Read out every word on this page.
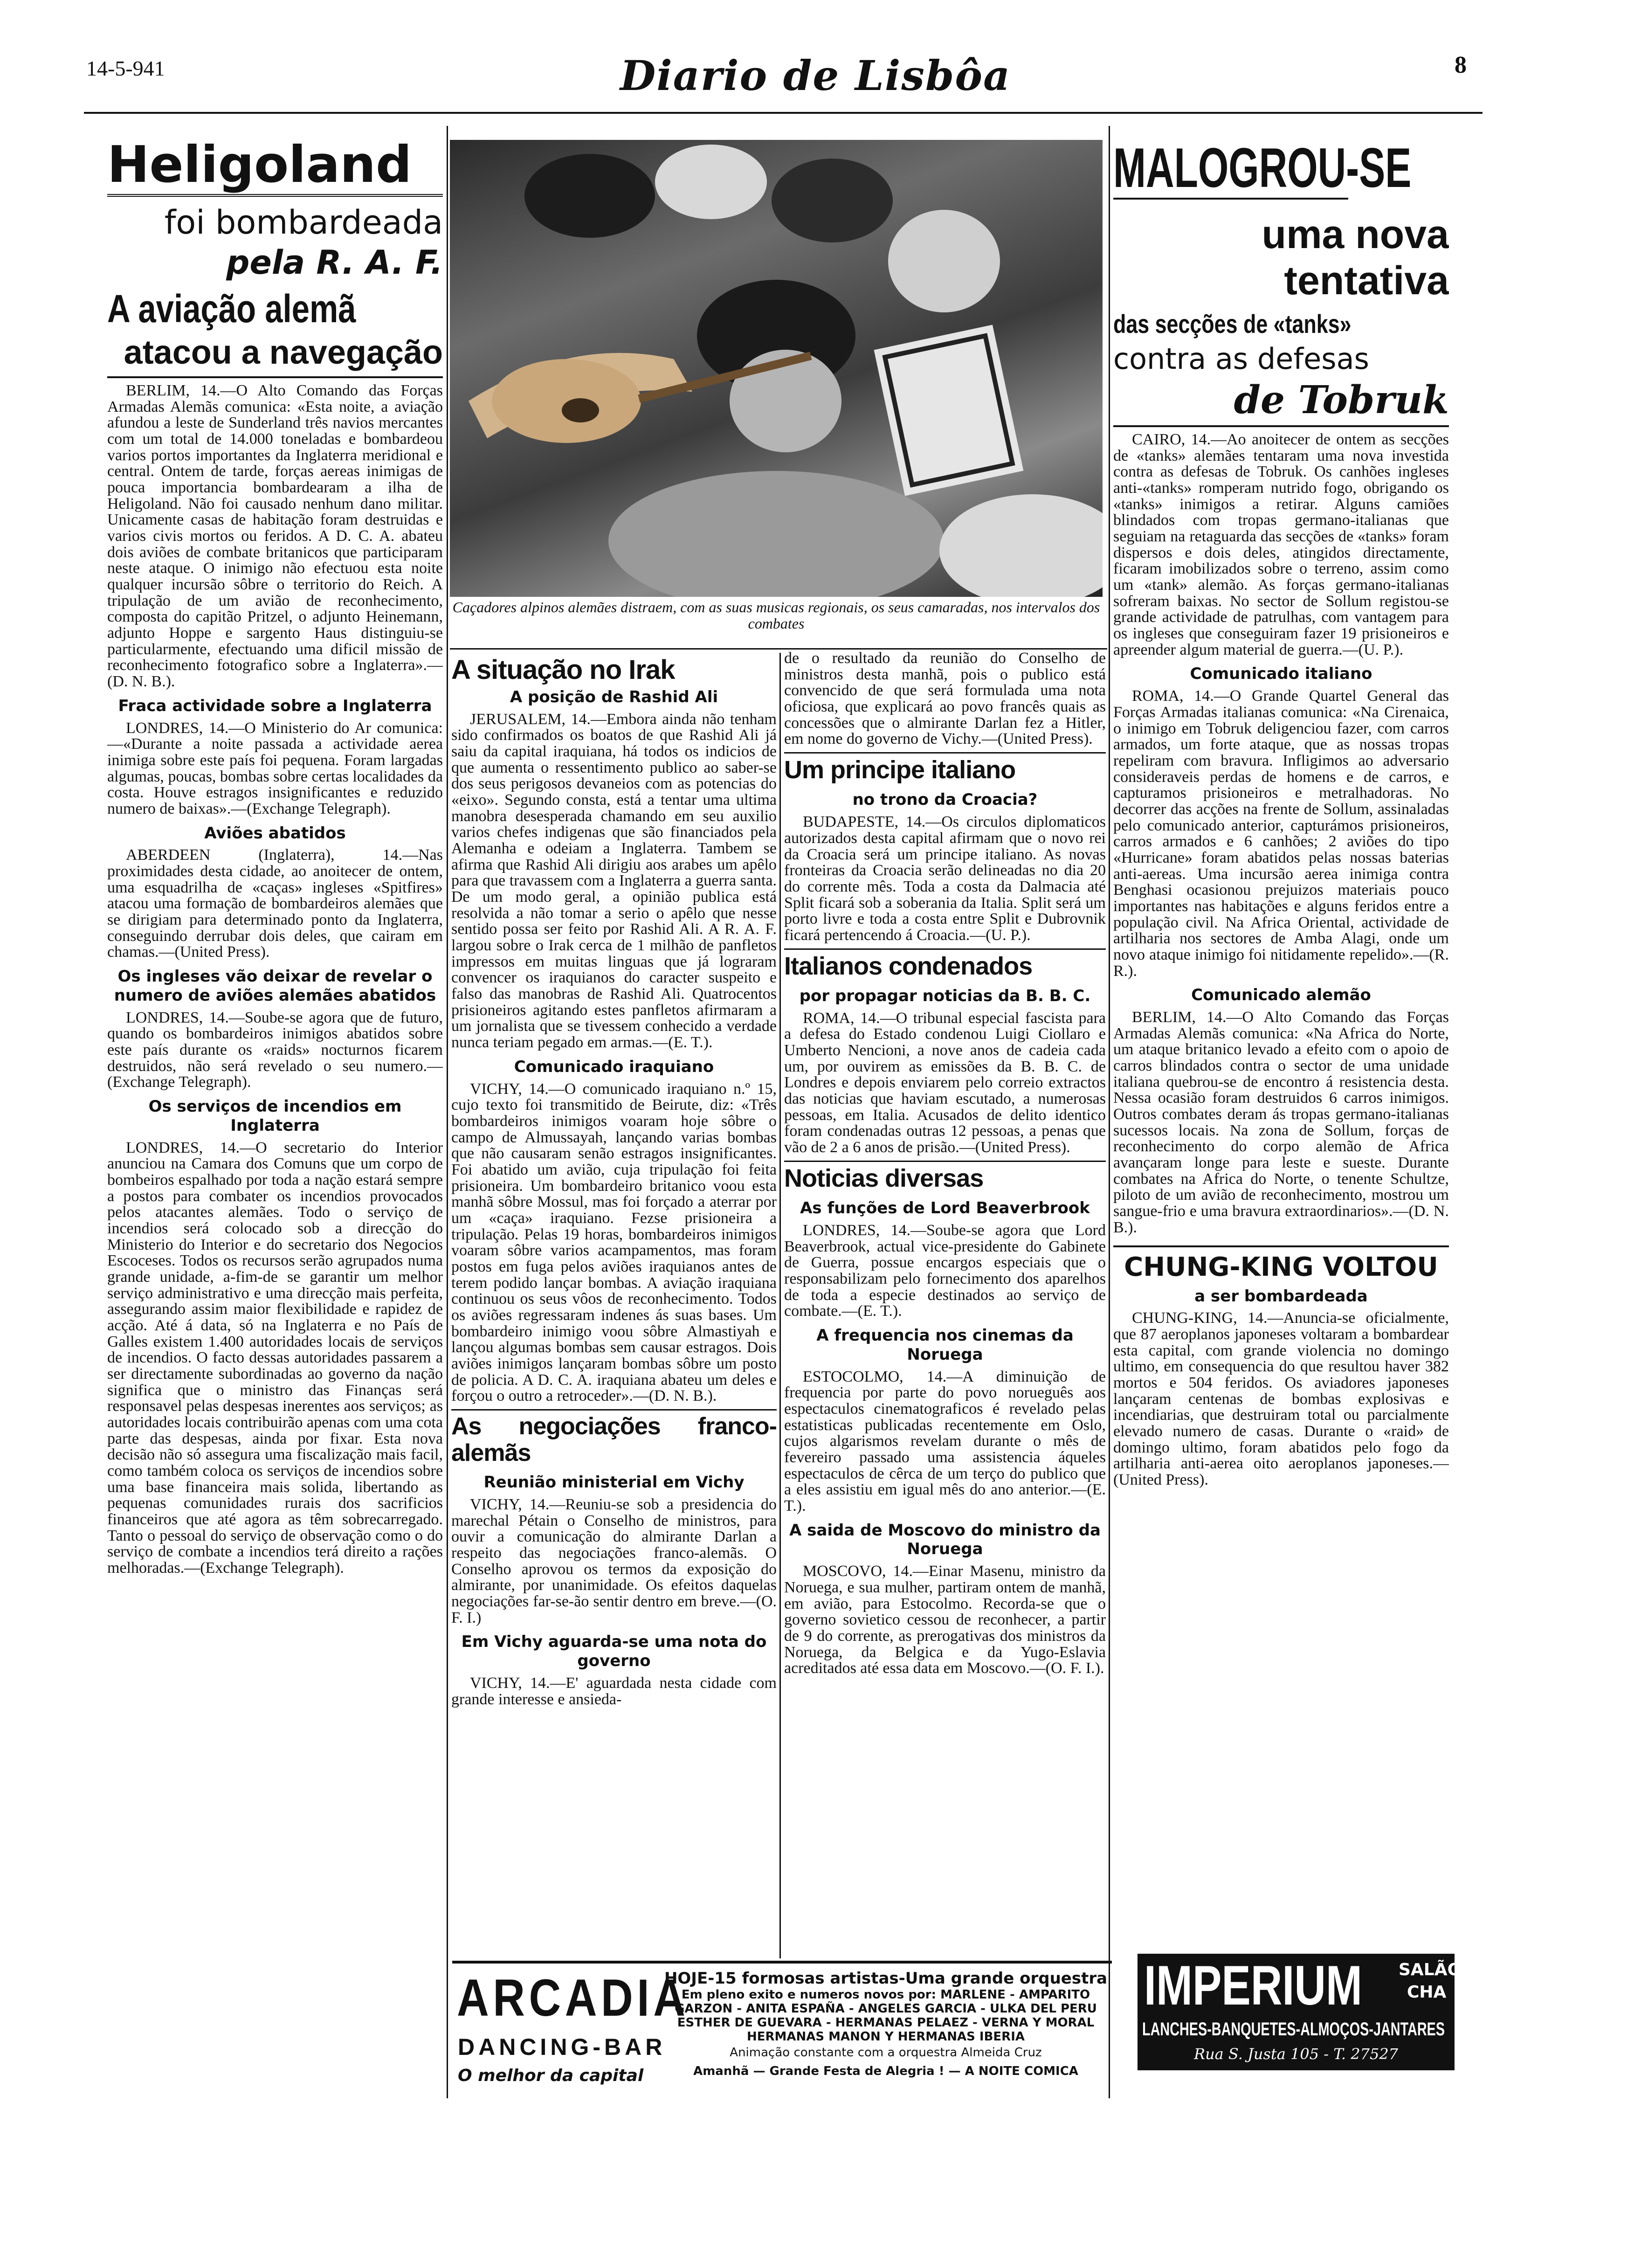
14-5-941	Diario de Lisbôa	8
Heligoland
foi bombardeada
pela R. A. F.
A aviação alemã
atacou a navegação

BERLIM, 14.—O Alto Comando das Forças Armadas Alemãs comunica: «Esta noite, a aviação afundou a leste de Sunderland três navios mercantes com um total de 14.000 toneladas e bombardeou varios portos importantes da Inglaterra meridional e central. Ontem de tarde, forças aereas inimigas de pouca importancia bombardearam a ilha de Heligoland. Não foi causado nenhum dano militar. Unicamente casas de habitação foram destruidas e varios civis mortos ou feridos. A D. C. A. abateu dois aviões de combate britanicos que participaram neste ataque. O inimigo não efectuou esta noite qualquer incursão sôbre o territorio do Reich. A tripulação de um avião de reconhecimento, composta do capitão Pritzel, o adjunto Heinemann, adjunto Hoppe e sargento Haus distinguiu-se particularmente, efectuando uma dificil missão de reconhecimento fotografico sobre a Inglaterra».—(D. N. B.).

Fraca actividade sobre a Inglaterra

LONDRES, 14.—O Ministerio do Ar comunica:—«Durante a noite passada a actividade aerea inimiga sobre este país foi pequena. Foram largadas algumas, poucas, bombas sobre certas localidades da costa. Houve estragos insignificantes e reduzido numero de baixas».—(Exchange Telegraph).

Aviões abatidos

ABERDEEN (Inglaterra), 14.—Nas proximidades desta cidade, ao anoitecer de ontem, uma esquadrilha de «caças» ingleses «Spitfires» atacou uma formação de bombardeiros alemães que se dirigiam para determinado ponto da Inglaterra, conseguindo derrubar dois deles, que cairam em chamas.—(United Press).

Os ingleses vão deixar de revelar o numero de aviões alemães abatidos

LONDRES, 14.—Soube-se agora que de futuro, quando os bombardeiros inimigos abatidos sobre este país durante os «raids» nocturnos ficarem destruidos, não será revelado o seu numero.—(Exchange Telegraph).

Os serviços de incendios em Inglaterra

LONDRES, 14.—O secretario do Interior anunciou na Camara dos Comuns que um corpo de bombeiros espalhado por toda a nação estará sempre a postos para combater os incendios provocados pelos atacantes alemães. Todo o serviço de incendios será colocado sob a direcção do Ministerio do Interior e do secretario dos Negocios Escoceses. Todos os recursos serão agrupados numa grande unidade, a-fim-de se garantir um melhor serviço administrativo e uma direcção mais perfeita, assegurando assim maior flexibilidade e rapidez de acção. Até á data, só na Inglaterra e no País de Galles existem 1.400 autoridades locais de serviços de incendios. O facto dessas autoridades passarem a ser directamente subordinadas ao governo da nação significa que o ministro das Finanças será responsavel pelas despesas inerentes aos serviços; as autoridades locais contribuirão apenas com uma cota parte das despesas, ainda por fixar. Esta nova decisão não só assegura uma fiscalização mais facil, como também coloca os serviços de incendios sobre uma base financeira mais solida, libertando as pequenas comunidades rurais dos sacrificios financeiros que até agora as têm sobrecarregado. Tanto o pessoal do serviço de observação como o do serviço de combate a incendios terá direito a rações melhoradas.—(Exchange Telegraph).

Caçadores alpinos alemães distraem, com as suas musicas regionais, os seus camaradas, nos intervalos dos combates
A situação no Irak
A posição de Rashid Ali

JERUSALEM, 14.—Embora ainda não tenham sido confirmados os boatos de que Rashid Ali já saiu da capital iraquiana, há todos os indicios de que aumenta o ressentimento publico ao saber-se dos seus perigosos devaneios com as potencias do «eixo». Segundo consta, está a tentar uma ultima manobra desesperada chamando em seu auxilio varios chefes indigenas que são financiados pela Alemanha e odeiam a Inglaterra. Tambem se afirma que Rashid Ali dirigiu aos arabes um apêlo para que travassem com a Inglaterra a guerra santa. De um modo geral, a opinião publica está resolvida a não tomar a serio o apêlo que nesse sentido possa ser feito por Rashid Ali. A R. A. F. largou sobre o Irak cerca de 1 milhão de panfletos impressos em muitas linguas que já lograram convencer os iraquianos do caracter suspeito e falso das manobras de Rashid Ali. Quatrocentos prisioneiros agitando estes panfletos afirmaram a um jornalista que se tivessem conhecido a verdade nunca teriam pegado em armas.—(E. T.).

Comunicado iraquiano

VICHY, 14.—O comunicado iraquiano n.º 15, cujo texto foi transmitido de Beirute, diz: «Três bombardeiros inimigos voaram hoje sôbre o campo de Almussayah, lançando varias bombas que não causaram senão estragos insignificantes. Foi abatido um avião, cuja tripulação foi feita prisioneira. Um bombardeiro britanico voou esta manhã sôbre Mossul, mas foi forçado a aterrar por um «caça» iraquiano. Fezse prisioneira a tripulação. Pelas 19 horas, bombardeiros inimigos voaram sôbre varios acampamentos, mas foram postos em fuga pelos aviões iraquianos antes de terem podido lançar bombas. A aviação iraquiana continuou os seus vôos de reconhecimento. Todos os aviões regressaram indenes ás suas bases. Um bombardeiro inimigo voou sôbre Almastiyah e lançou algumas bombas sem causar estragos. Dois aviões inimigos lançaram bombas sôbre um posto de policia. A D. C. A. iraquiana abateu um deles e forçou o outro a retroceder».—(D. N. B.).

As negociações franco-alemãs
Reunião ministerial em Vichy

VICHY, 14.—Reuniu-se sob a presidencia do marechal Pétain o Conselho de ministros, para ouvir a comunicação do almirante Darlan a respeito das negociações franco-alemãs. O Conselho aprovou os termos da exposição do almirante, por unanimidade. Os efeitos daquelas negociações far-se-ão sentir dentro em breve.—(O. F. I.)

Em Vichy aguarda-se uma nota do governo

VICHY, 14.—E' aguardada nesta cidade com grande interesse e ansieda-

de o resultado da reunião do Conselho de ministros desta manhã, pois o publico está convencido de que será formulada uma nota oficiosa, que explicará ao povo francês quais as concessões que o almirante Darlan fez a Hitler, em nome do governo de Vichy.—(United Press).

Um principe italiano
no trono da Croacia?

BUDAPESTE, 14.—Os circulos diplomaticos autorizados desta capital afirmam que o novo rei da Croacia será um principe italiano. As novas fronteiras da Croacia serão delineadas no dia 20 do corrente mês. Toda a costa da Dalmacia até Split ficará sob a soberania da Italia. Split será um porto livre e toda a costa entre Split e Dubrovnik ficará pertencendo á Croacia.—(U. P.).

Italianos condenados
por propagar noticias da B. B. C.

ROMA, 14.—O tribunal especial fascista para a defesa do Estado condenou Luigi Ciollaro e Umberto Nencioni, a nove anos de cadeia cada um, por ouvirem as emissões da B. B. C. de Londres e depois enviarem pelo correio extractos das noticias que haviam escutado, a numerosas pessoas, em Italia. Acusados de delito identico foram condenadas outras 12 pessoas, a penas que vão de 2 a 6 anos de prisão.—(United Press).

Noticias diversas
As funções de Lord Beaverbrook

LONDRES, 14.—Soube-se agora que Lord Beaverbrook, actual vice-presidente do Gabinete de Guerra, possue encargos especiais que o responsabilizam pelo fornecimento dos aparelhos de toda a especie destinados ao serviço de combate.—(E. T.).

A frequencia nos cinemas da Noruega

ESTOCOLMO, 14.—A diminuição de frequencia por parte do povo norueguês aos espectaculos cinematograficos é revelado pelas estatisticas publicadas recentemente em Oslo, cujos algarismos revelam durante o mês de fevereiro passado uma assistencia áqueles espectaculos de cêrca de um terço do publico que a eles assistiu em igual mês do ano anterior.—(E. T.).

A saida de Moscovo do ministro da Noruega

MOSCOVO, 14.—Einar Masenu, ministro da Noruega, e sua mulher, partiram ontem de manhã, em avião, para Estocolmo. Recorda-se que o governo sovietico cessou de reconhecer, a partir de 9 do corrente, as prerogativas dos ministros da Noruega, da Belgica e da Yugo-Eslavia acreditados até essa data em Moscovo.—(O. F. I.).

MALOGROU-SE
uma nova tentativa
das secções de «tanks»
contra as defesas
de Tobruk

CAIRO, 14.—Ao anoitecer de ontem as secções de «tanks» alemães tentaram uma nova investida contra as defesas de Tobruk. Os canhões ingleses anti-«tanks» romperam nutrido fogo, obrigando os «tanks» inimigos a retirar. Alguns camiões blindados com tropas germano-italianas que seguiam na retaguarda das secções de «tanks» foram dispersos e dois deles, atingidos directamente, ficaram imobilizados sobre o terreno, assim como um «tank» alemão. As forças germano-italianas sofreram baixas. No sector de Sollum registou-se grande actividade de patrulhas, com vantagem para os ingleses que conseguiram fazer 19 prisioneiros e apreender algum material de guerra.—(U. P.).

Comunicado italiano

ROMA, 14.—O Grande Quartel General das Forças Armadas italianas comunica: «Na Cirenaica, o inimigo em Tobruk deligenciou fazer, com carros armados, um forte ataque, que as nossas tropas repeliram com bravura. Infligimos ao adversario consideraveis perdas de homens e de carros, e capturamos prisioneiros e metralhadoras. No decorrer das acções na frente de Sollum, assinaladas pelo comunicado anterior, capturámos prisioneiros, carros armados e 6 canhões; 2 aviões do tipo «Hurricane» foram abatidos pelas nossas baterias anti-aereas. Uma incursão aerea inimiga contra Benghasi ocasionou prejuizos materiais pouco importantes nas habitações e alguns feridos entre a população civil. Na Africa Oriental, actividade de artilharia nos sectores de Amba Alagi, onde um novo ataque inimigo foi nitidamente repelido».—(R. R.).

Comunicado alemão

BERLIM, 14.—O Alto Comando das Forças Armadas Alemãs comunica: «Na Africa do Norte, um ataque britanico levado a efeito com o apoio de carros blindados contra o sector de uma unidade italiana quebrou-se de encontro á resistencia desta. Nessa ocasião foram destruidos 6 carros inimigos. Outros combates deram ás tropas germano-italianas sucessos locais. Na zona de Sollum, forças de reconhecimento do corpo alemão de Africa avançaram longe para leste e sueste. Durante combates na Africa do Norte, o tenente Schultze, piloto de um avião de reconhecimento, mostrou um sangue-frio e uma bravura extraordinarios».—(D. N. B.).

CHUNG-KING VOLTOU
a ser bombardeada

CHUNG-KING, 14.—Anuncia-se oficialmente, que 87 aeroplanos japoneses voltaram a bombardear esta capital, com grande violencia no domingo ultimo, em consequencia do que resultou haver 382 mortos e 504 feridos. Os aviadores japoneses lançaram centenas de bombas explosivas e incendiarias, que destruiram total ou parcialmente elevado numero de casas. Durante o «raid» de domingo ultimo, foram abatidos pelo fogo da artilharia anti-aerea oito aeroplanos japoneses.—(United Press).

ARCADIA
DANCING-BAR
O melhor da capital
HOJE-15 formosas artistas-Uma grande orquestra
Em pleno exito e numeros novos por: MARLENE - AMPARITO
GARZON - ANITA ESPAÑA - ANGELES GARCIA - ULKA DEL PERU
ESTHER DE GUEVARA - HERMANAS PELAEZ - VERNA Y MORAL
HERMANAS MANON Y HERMANAS IBERIA
Animação constante com a orquestra Almeida Cruz
Amanhã — Grande Festa de Alegria ! — A NOITE COMICA
IMPERIUM SALÃO
CHA
LANCHES-BANQUETES-ALMOÇOS-JANTARES
Rua S. Justa 105 - T. 27527
